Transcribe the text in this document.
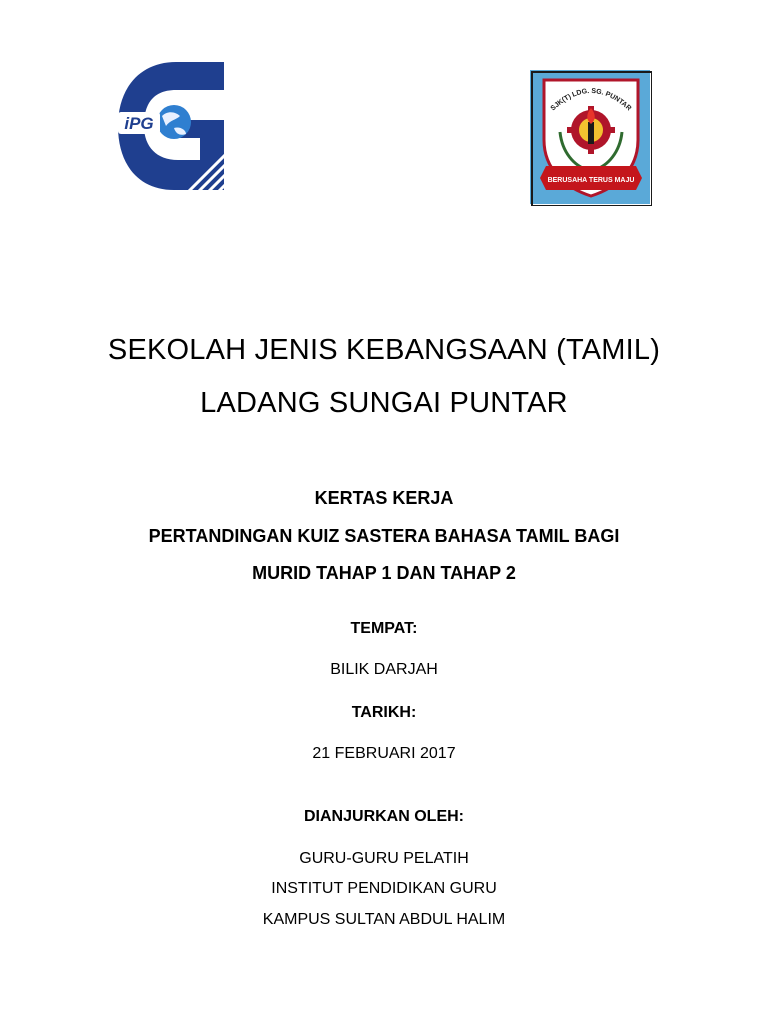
iPG
SJK(T) LDG. SG. PUNTAR
BERUSAHA TERUS MAJU
SEKOLAH JENIS KEBANGSAAN (TAMIL)
LADANG SUNGAI PUNTAR
KERTAS KERJA
PERTANDINGAN KUIZ SASTERA BAHASA TAMIL BAGI
MURID TAHAP 1 DAN TAHAP 2
TEMPAT:
BILIK DARJAH
TARIKH:
21 FEBRUARI 2017
DIANJURKAN OLEH:
GURU-GURU PELATIH
INSTITUT PENDIDIKAN GURU
KAMPUS SULTAN ABDUL HALIM
